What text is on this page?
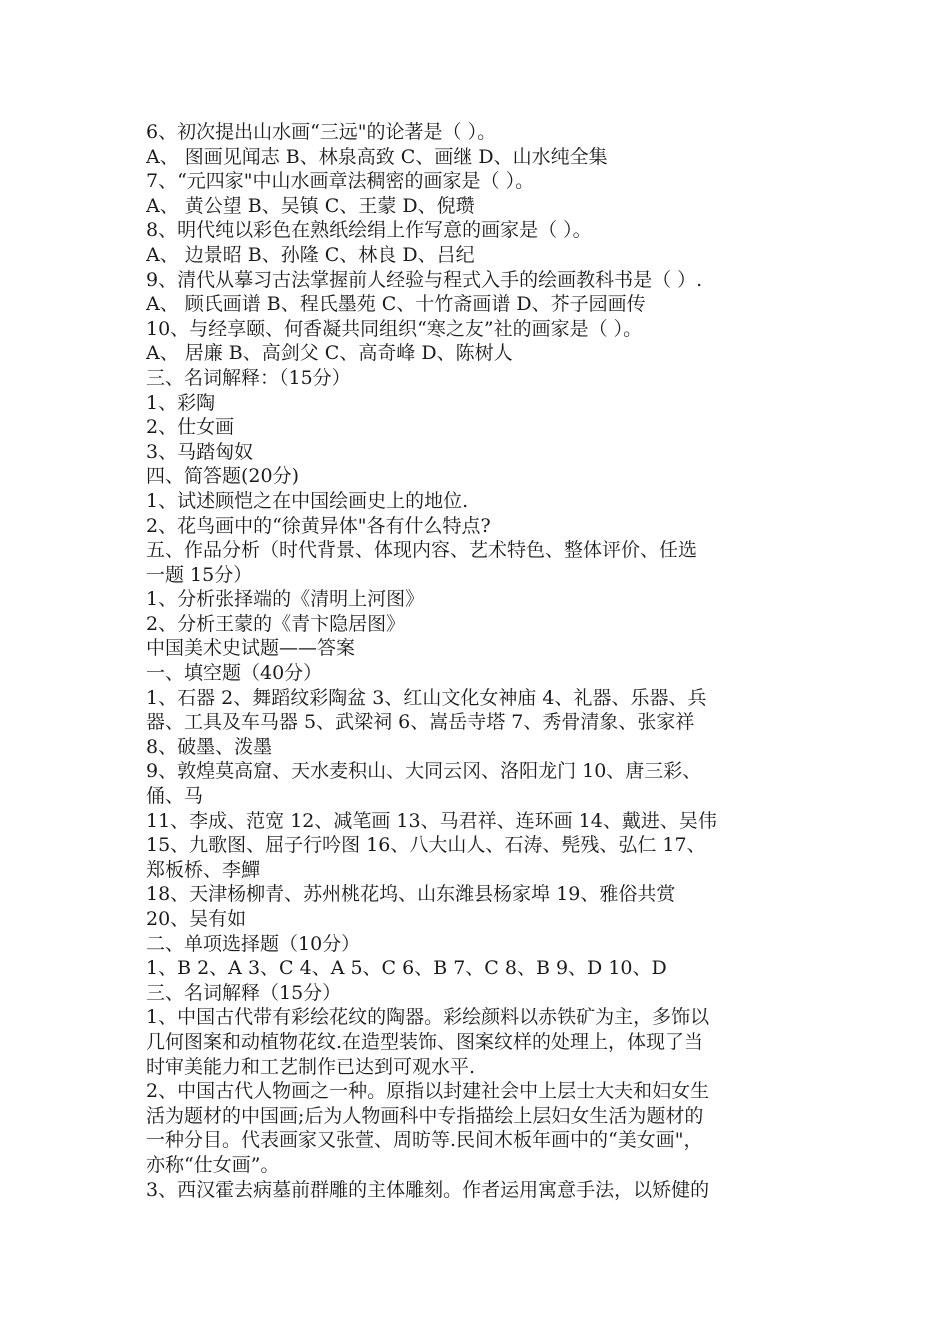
6、初次提出山水画“三远"的论著是（ ）。
A、 图画见闻志 B、林泉高致 C、画继 D、山水纯全集
7、“元四家"中山水画章法稠密的画家是（ ）。
A、 黄公望 B、吴镇 C、王蒙 D、倪瓒
8、明代纯以彩色在熟纸绘绢上作写意的画家是（ ）。
A、 边景昭 B、孙隆 C、林良 D、吕纪
9、清代从摹习古法掌握前人经验与程式入手的绘画教科书是（ ）.
A、 顾氏画谱 B、程氏墨苑 C、十竹斋画谱 D、芥子园画传
10、与经享颐、何香凝共同组织“寒之友”社的画家是（ ）。
A、 居廉 B、高剑父 C、高奇峰 D、陈树人
三、名词解释：（15分）
1、彩陶
2、仕女画
3、马踏匈奴
四、简答题(20分)
1、试述顾恺之在中国绘画史上的地位.
2、花鸟画中的“徐黄异体"各有什么特点?
五、作品分析（时代背景、体现内容、艺术特色、整体评价、任选
一题 15分）
1、分析张择端的《清明上河图》
2、分析王蒙的《青卞隐居图》
中国美术史试题——答案
一、填空题（40分）
1、石器 2、舞蹈纹彩陶盆 3、红山文化女神庙 4、礼器、乐器、兵
器、工具及车马器 5、武梁祠 6、嵩岳寺塔 7、秀骨清象、张家祥
8、破墨、泼墨
9、敦煌莫高窟、天水麦积山、大同云冈、洛阳龙门 10、唐三彩、
俑、马
11、李成、范宽 12、减笔画 13、马君祥、连环画 14、戴进、吴伟
15、九歌图、屈子行吟图 16、八大山人、石涛、髡残、弘仁 17、
郑板桥、李鱓
18、天津杨柳青、苏州桃花坞、山东潍县杨家埠 19、雅俗共赏
20、吴有如
二、单项选择题（10分）
1、B 2、A 3、C 4、A 5、C 6、B 7、C 8、B 9、D 10、D
三、名词解释（15分）
1、中国古代带有彩绘花纹的陶器。彩绘颜料以赤铁矿为主，多饰以
几何图案和动植物花纹.在造型装饰、图案纹样的处理上，体现了当
时审美能力和工艺制作已达到可观水平.
2、中国古代人物画之一种。原指以封建社会中上层士大夫和妇女生
活为题材的中国画;后为人物画科中专指描绘上层妇女生活为题材的
一种分目。代表画家又张萱、周昉等.民间木板年画中的“美女画"，
亦称“仕女画”。
3、西汉霍去病墓前群雕的主体雕刻。作者运用寓意手法，以矫健的
